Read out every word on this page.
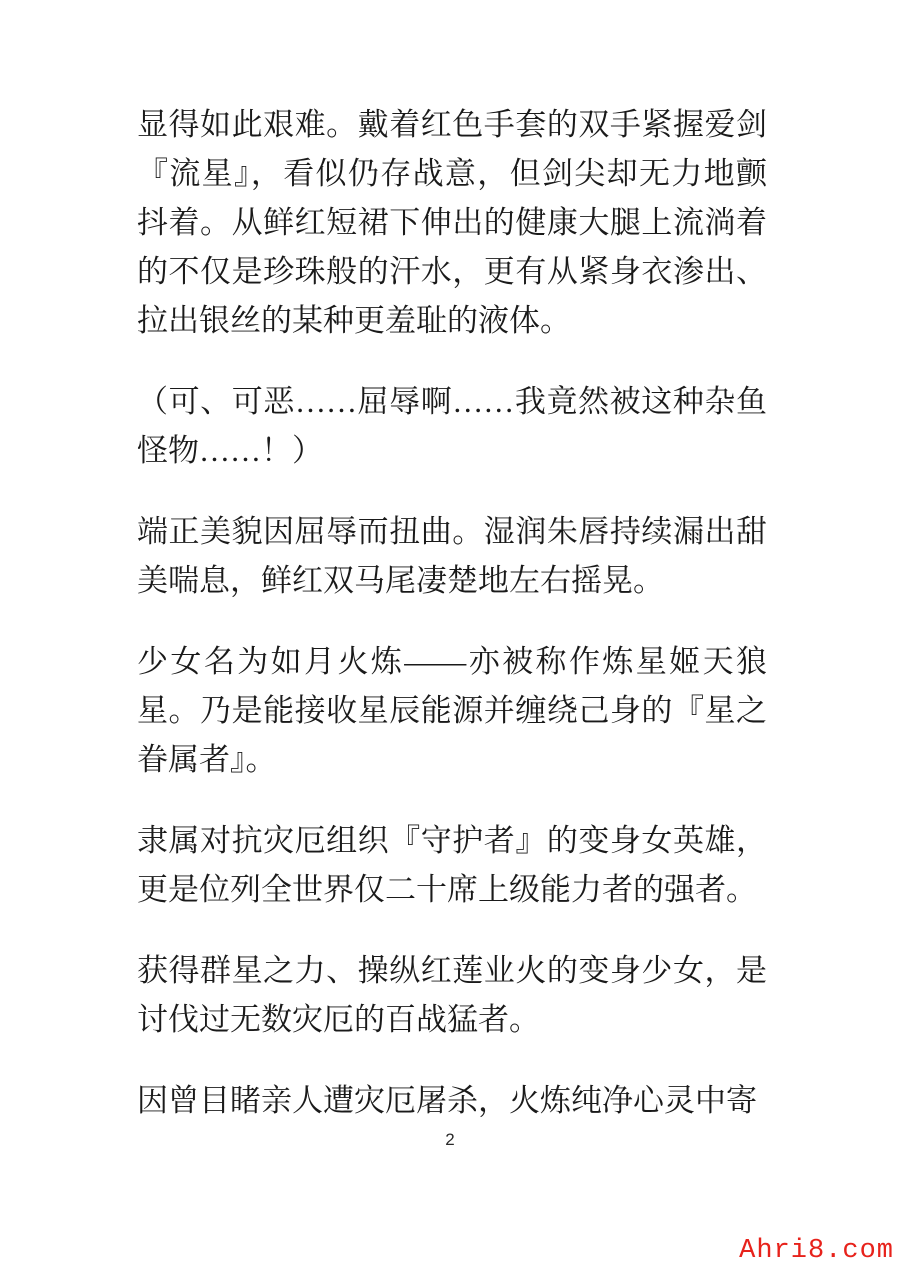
显得如此艰难。戴着红色手套的双手紧握爱剑『流星』，看似仍存战意，但剑尖却无力地颤抖着。从鲜红短裙下伸出的健康大腿上流淌着的不仅是珍珠般的汗水，更有从紧身衣渗出、拉出银丝的某种更羞耻的液体。

（可、可恶……屈辱啊……我竟然被这种杂鱼怪物……！）

端正美貌因屈辱而扭曲。湿润朱唇持续漏出甜美喘息，鲜红双马尾凄楚地左右摇晃。

少女名为如月火炼——亦被称作炼星姬天狼星。乃是能接收星辰能源并缠绕己身的『星之眷属者』。

隶属对抗灾厄组织『守护者』的变身女英雄，更是位列全世界仅二十席上级能力者的强者。

获得群星之力、操纵红莲业火的变身少女，是讨伐过无数灾厄的百战猛者。

因曾目睹亲人遭灾厄屠杀，火炼纯净心灵中寄

2
Ahri8.com
